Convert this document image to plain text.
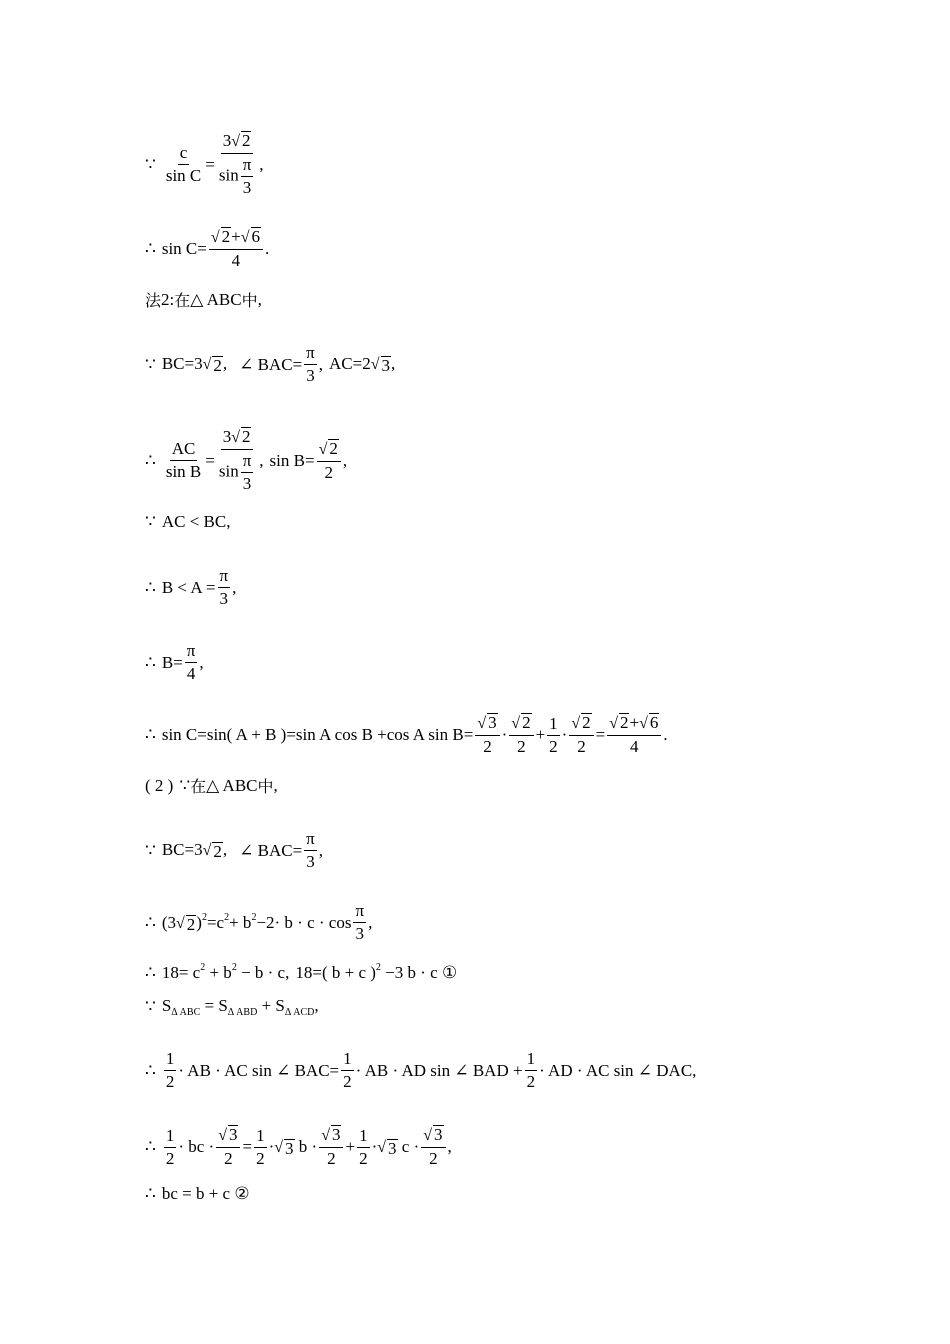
∵ $\frac{c}{\text{sin C}} = \frac{3 √ 2}{\sin \frac{\pi}{3}}$ ,
∴ $\sin C= \frac{√ 2 + √ 6}{4}$ .
法 2: 在 △ ABC 中 ,
∵ BC=3 √ 2 , ∠ $BAC= \frac{\pi}{3}$ , AC=2 √ 3 ,
∴ $\frac{AC}{\text{sin B}} = \frac{3 √ 2}{\sin \frac{\pi}{3}}$ , $\sin B= \frac{√ 2}{2}$ ,
∵ AC < BC,
∴ $B < A = \frac{\pi}{3}$ ,
∴ $B= \frac{\pi}{4}$ ,
∴ sin C=sin( A + B )=sin A cos B +cos A $\sin B= \frac{√ 3}{2} \cdot \frac{√ 2}{2} + \frac{1}{2} \cdot \frac{√ 2}{2} = \frac{√ 2 + √ 6}{4}$ .
( 2 ) ∵ 在 △ ABC 中 ,
∵ BC=3 √ 2 , ∠ $BAC= \frac{\pi}{3}$ ,
∴ (3 √ 2 )$^2=c^2+ b^2-2\cdot b \cdot c \cdot \cos \frac{\pi}{3}$ ,
∴ $18= c^2 + b^2 - b \cdot c$, 18=( b + c )$^2$ −3 b · c ①
∵ $S_{\Delta ABC} = S_{\Delta ABD} + S_{\Delta ACD}$,
∴ $\frac{1}{2}$ · AB · AC sin ∠ $BAC= \frac{1}{2}$ · AB · AD sin ∠ BAD + $\frac{1}{2}$ · AD · AC sin ∠ DAC,
∴ $\frac{1}{2}$ · bc · $\frac{√ 3}{2} = \frac{1}{2}$ · √ 3 $b \cdot \frac{√ 3}{2} + \frac{1}{2}$ · √ 3 $c \cdot \frac{√ 3}{2}$ ,
∴ bc = b + c ②
